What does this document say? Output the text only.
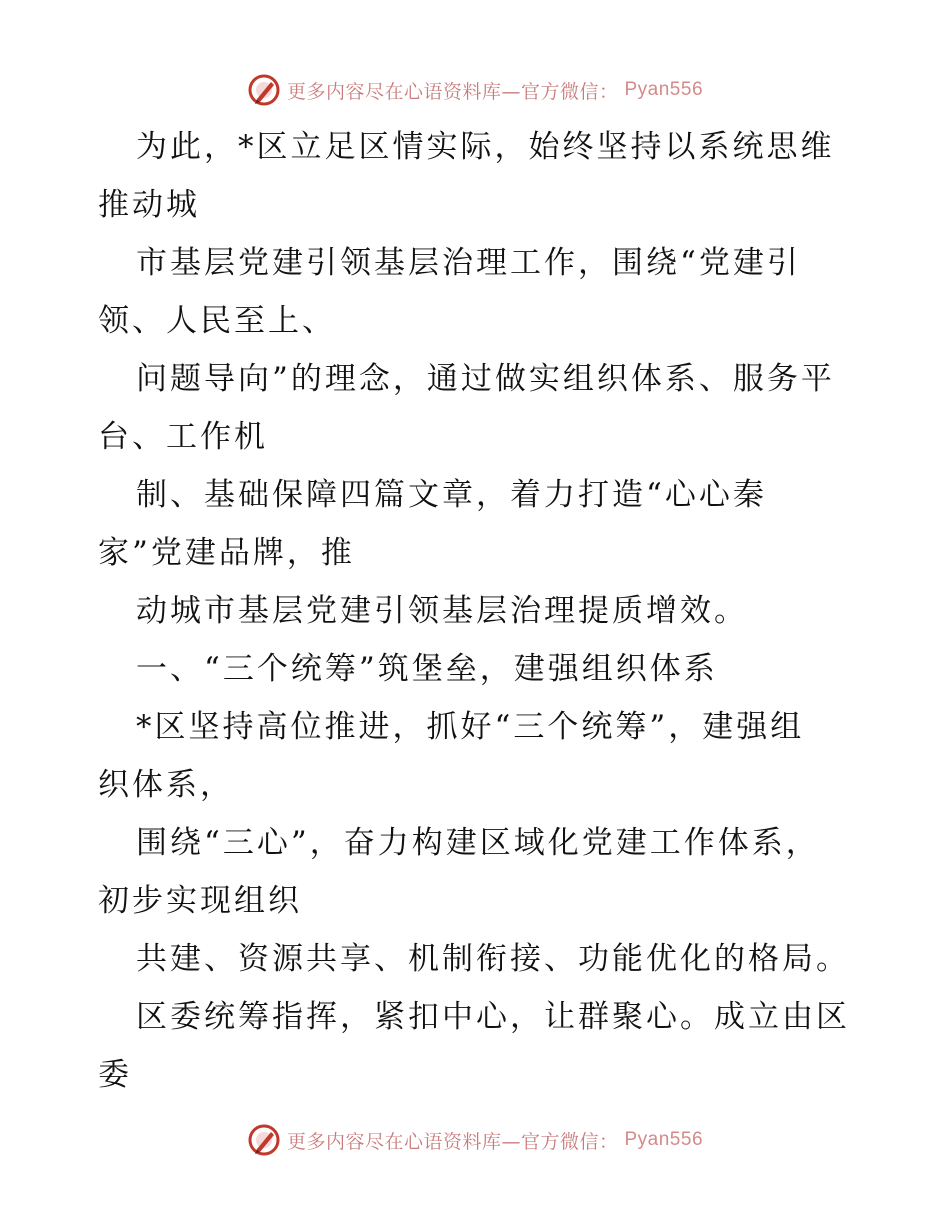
更多内容尽在心语资料库—官方微信： Pyan556
为此，*区立足区情实际，始终坚持以系统思维
推动城
市基层党建引领基层治理工作，围绕“党建引
领、人民至上、
问题导向”的理念，通过做实组织体系、服务平
台、工作机
制、基础保障四篇文章，着力打造“心心秦
家”党建品牌，推
动城市基层党建引领基层治理提质增效。
一、“三个统筹”筑堡垒，建强组织体系
*区坚持高位推进，抓好“三个统筹”，建强组
织体系，
围绕“三心”，奋力构建区域化党建工作体系，
初步实现组织
共建、资源共享、机制衔接、功能优化的格局。
区委统筹指挥，紧扣中心，让群聚心。成立由区
委
更多内容尽在心语资料库—官方微信： Pyan556
